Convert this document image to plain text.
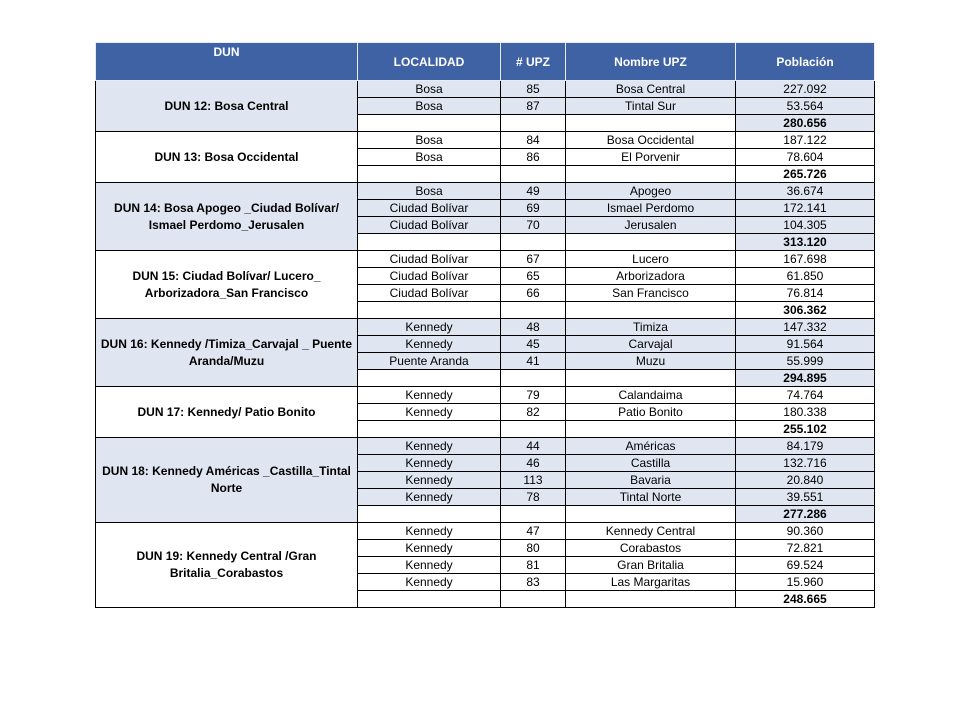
DUN	LOCALIDAD	# UPZ	Nombre UPZ	Población
DUN 12: Bosa Central	Bosa	85	Bosa Central	227.092
	Bosa	87	Tintal Sur	53.564
				280.656
DUN 13: Bosa Occidental	Bosa	84	Bosa Occidental	187.122
	Bosa	86	El Porvenir	78.604
				265.726
DUN 14: Bosa Apogeo _Ciudad Bolívar/ Ismael Perdomo_Jerusalen	Bosa	49	Apogeo	36.674
	Ciudad Bolívar	69	Ismael Perdomo	172.141
	Ciudad Bolívar	70	Jerusalen	104.305
				313.120
DUN 15: Ciudad Bolívar/ Lucero_ Arborizadora_San Francisco	Ciudad Bolívar	67	Lucero	167.698
	Ciudad Bolívar	65	Arborizadora	61.850
	Ciudad Bolívar	66	San Francisco	76.814
				306.362
DUN 16: Kennedy /Timiza_Carvajal _ Puente Aranda/Muzu	Kennedy	48	Timiza	147.332
	Kennedy	45	Carvajal	91.564
	Puente Aranda	41	Muzu	55.999
				294.895
DUN 17: Kennedy/ Patio Bonito	Kennedy	79	Calandaima	74.764
	Kennedy	82	Patio Bonito	180.338
				255.102
DUN 18: Kennedy Américas _Castilla_Tintal Norte	Kennedy	44	Américas	84.179
	Kennedy	46	Castilla	132.716
	Kennedy	113	Bavaria	20.840
	Kennedy	78	Tintal Norte	39.551
				277.286
DUN 19: Kennedy Central /Gran Britalia_Corabastos	Kennedy	47	Kennedy Central	90.360
	Kennedy	80	Corabastos	72.821
	Kennedy	81	Gran Britalia	69.524
	Kennedy	83	Las Margaritas	15.960
				248.665
